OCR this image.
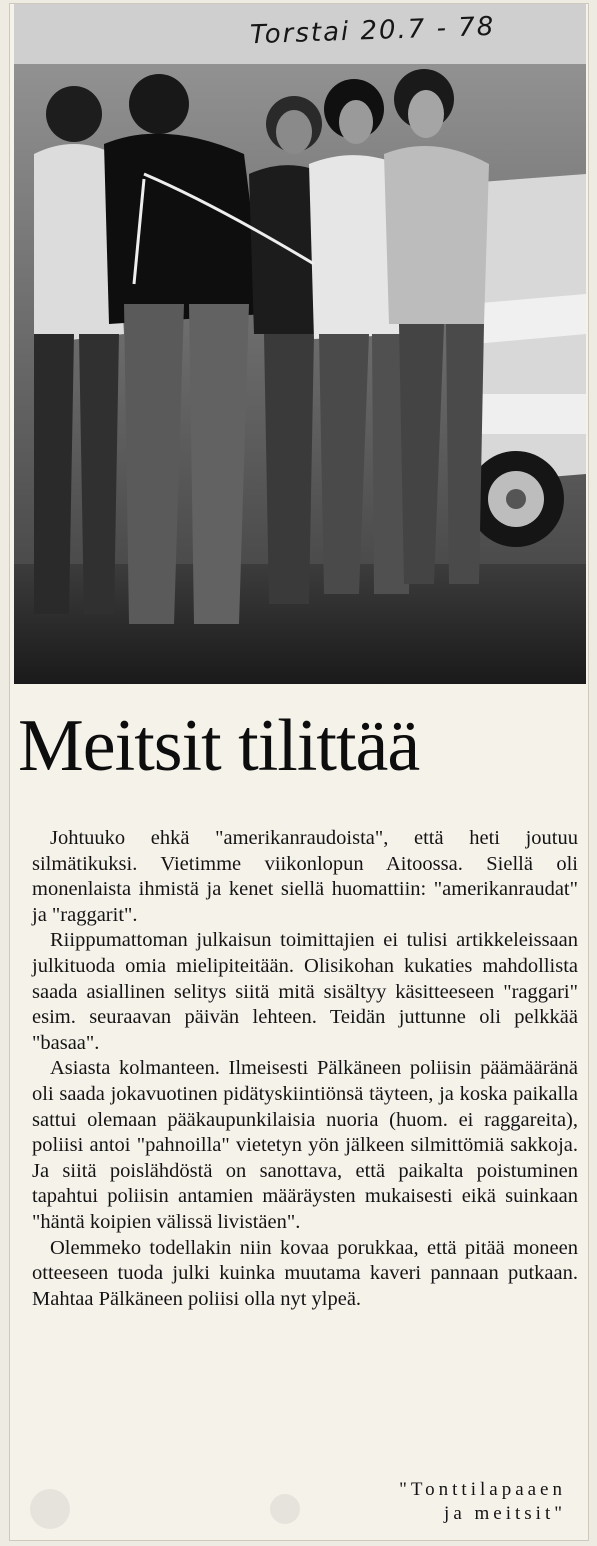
Torstai 20.7 - 78
Meitsit tilittää

Johtuuko ehkä "amerikanraudoista", että heti joutuu silmätikuksi. Vietimme viikonlopun Aitoossa. Siellä oli monenlaista ihmistä ja kenet siellä huomattiin: "amerikanraudat" ja "raggarit".

Riippumattoman julkaisun toimittajien ei tulisi artikkeleissaan julkituoda omia mielipiteitään. Olisikohan kukaties mahdollista saada asiallinen selitys siitä mitä sisältyy käsitteeseen "raggari" esim. seuraavan päivän lehteen. Teidän juttunne oli pelkkää "basaa".

Asiasta kolmanteen. Ilmeisesti Pälkäneen poliisin päämääränä oli saada jokavuotinen pidätyskiintiönsä täyteen, ja koska paikalla sattui olemaan pääkaupunkilaisia nuoria (huom. ei raggareita), poliisi antoi "pahnoilla" vietetyn yön jälkeen silmittömiä sakkoja. Ja siitä poislähdöstä on sanottava, että paikalta poistuminen tapahtui poliisin antamien määräysten mukaisesti eikä suinkaan "häntä koipien välissä livistäen".

Olemmeko todellakin niin kovaa porukkaa, että pitää moneen otteeseen tuoda julki kuinka muutama kaveri pannaan putkaan. Mahtaa Pälkäneen poliisi olla nyt ylpeä.

"Tonttilapaaen
ja meitsit"
